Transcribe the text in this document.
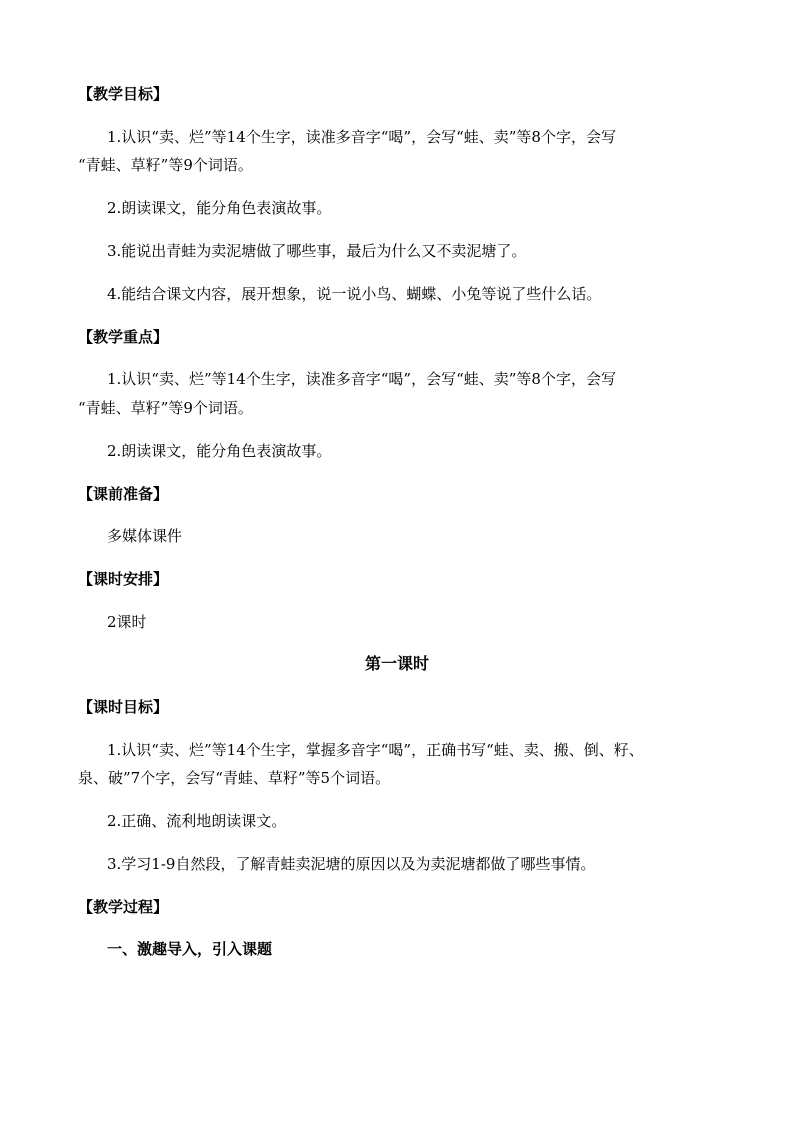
【教学目标】
1.认识“卖、烂”等14个生字，读准多音字“喝”，会写“蛙、卖”等8个字，会写
“青蛙、草籽”等9个词语。
2.朗读课文，能分角色表演故事。
3.能说出青蛙为卖泥塘做了哪些事，最后为什么又不卖泥塘了。
4.能结合课文内容，展开想象，说一说小鸟、蝴蝶、小兔等说了些什么话。
【教学重点】
1.认识“卖、烂”等14个生字，读准多音字“喝”，会写“蛙、卖”等8个字，会写
“青蛙、草籽”等9个词语。
2.朗读课文，能分角色表演故事。
【课前准备】
多媒体课件
【课时安排】
2课时
第一课时
【课时目标】
1.认识“卖、烂”等14个生字，掌握多音字“喝”，正确书写“蛙、卖、搬、倒、籽、
泉、破”7个字，会写“青蛙、草籽”等5个词语。
2.正确、流利地朗读课文。
3.学习1-9自然段，了解青蛙卖泥塘的原因以及为卖泥塘都做了哪些事情。
【教学过程】
一、激趣导入，引入课题
